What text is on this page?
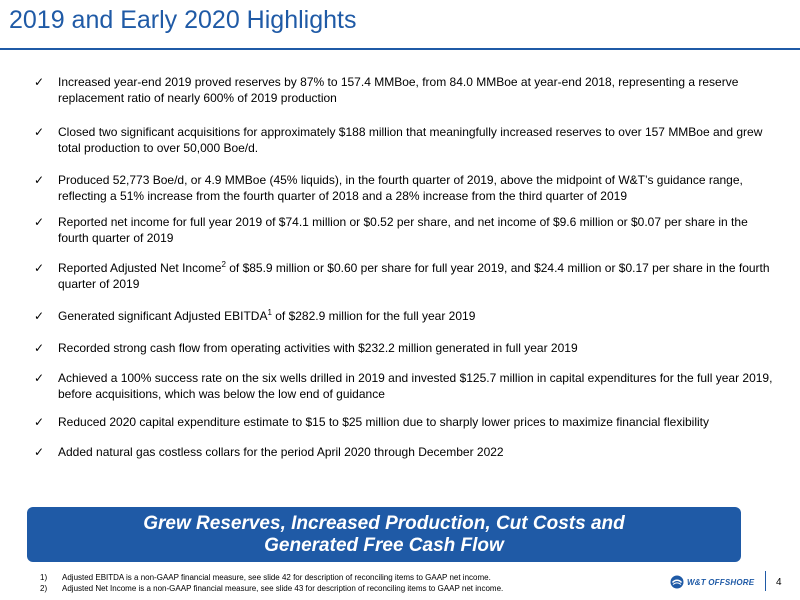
2019 and Early 2020 Highlights
✓ Increased year-end 2019 proved reserves by 87% to 157.4 MMBoe, from 84.0 MMBoe at year-end 2018, representing a reserve replacement ratio of nearly 600% of 2019 production
✓ Closed two significant acquisitions for approximately $188 million that meaningfully increased reserves to over 157 MMBoe and grew total production to over 50,000 Boe/d.
✓ Produced 52,773 Boe/d, or 4.9 MMBoe (45% liquids), in the fourth quarter of 2019, above the midpoint of W&T’s guidance range, reflecting a 51% increase from the fourth quarter of 2018 and a 28% increase from the third quarter of 2019
✓ Reported net income for full year 2019 of $74.1 million or $0.52 per share, and net income of $9.6 million or $0.07 per share in the fourth quarter of 2019
✓ Reported Adjusted Net Income$^2$ of $85.9 million or $0.60 per share for full year 2019, and $24.4 million or $0.17 per share in the fourth quarter of 2019
✓ Generated significant Adjusted EBITDA$^1$ of $282.9 million for the full year 2019
✓ Recorded strong cash flow from operating activities with $232.2 million generated in full year 2019
✓ Achieved a 100% success rate on the six wells drilled in 2019 and invested $125.7 million in capital expenditures for the full year 2019, before acquisitions, which was below the low end of guidance
✓ Reduced 2020 capital expenditure estimate to $15 to $25 million due to sharply lower prices to maximize financial flexibility
✓ Added natural gas costless collars for the period April 2020 through December 2022
Grew Reserves, Increased Production, Cut Costs and
Generated Free Cash Flow
1) Adjusted EBITDA is a non-GAAP financial measure, see slide 42 for description of reconciling items to GAAP net income.
2) Adjusted Net Income is a non-GAAP financial measure, see slide 43 for description of reconciling items to GAAP net income.
W&T OFFSHORE 4
